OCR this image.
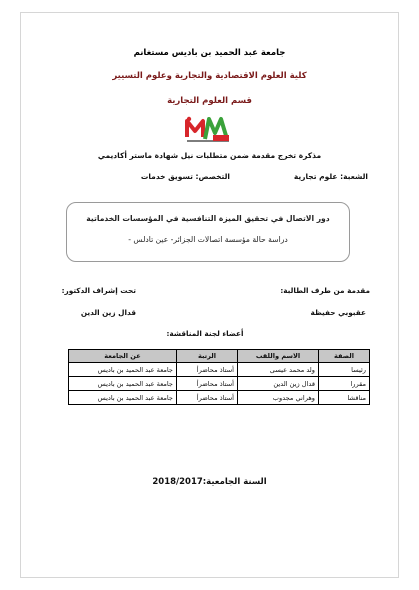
جامعة عبد الحميد بن باديس مستغانم
كلية العلوم الاقتصادية والتجارية وعلوم التسيير
قسم العلوم التجارية
مذكرة تخرج مقدمة ضمن متطلبات نيل شهادة ماستر أكاديمي
الشعبة: علوم تجارية
التخصص: تسويق خدمات
دور الاتصال في تحقيق الميزة التنافسية في المؤسسات الخدماتية
دراسة حالة مؤسسة اتصالات الجزائر- عين تادلس -
مقدمة من طرف الطالبة:
تحت إشراف الدكتور:
عقبوبي حفيظة
أعضاء لجنة المناقشة:
الصفة	الاسم واللقب	الرتبة	عن الجامعة
رئيسا	ولد محمد عيسى	أستاذ محاضرأ	جامعة عبد الحميد بن باديس
مقررا	قدال زين الدين	أستاذ محاضرأ	جامعة عبد الحميد بن باديس
مناقشا	وهراني مجدوب	أستاذ محاضرأ	جامعة عبد الحميد بن باديس
السنة الجامعية:2018/2017
قدال زين الدين
